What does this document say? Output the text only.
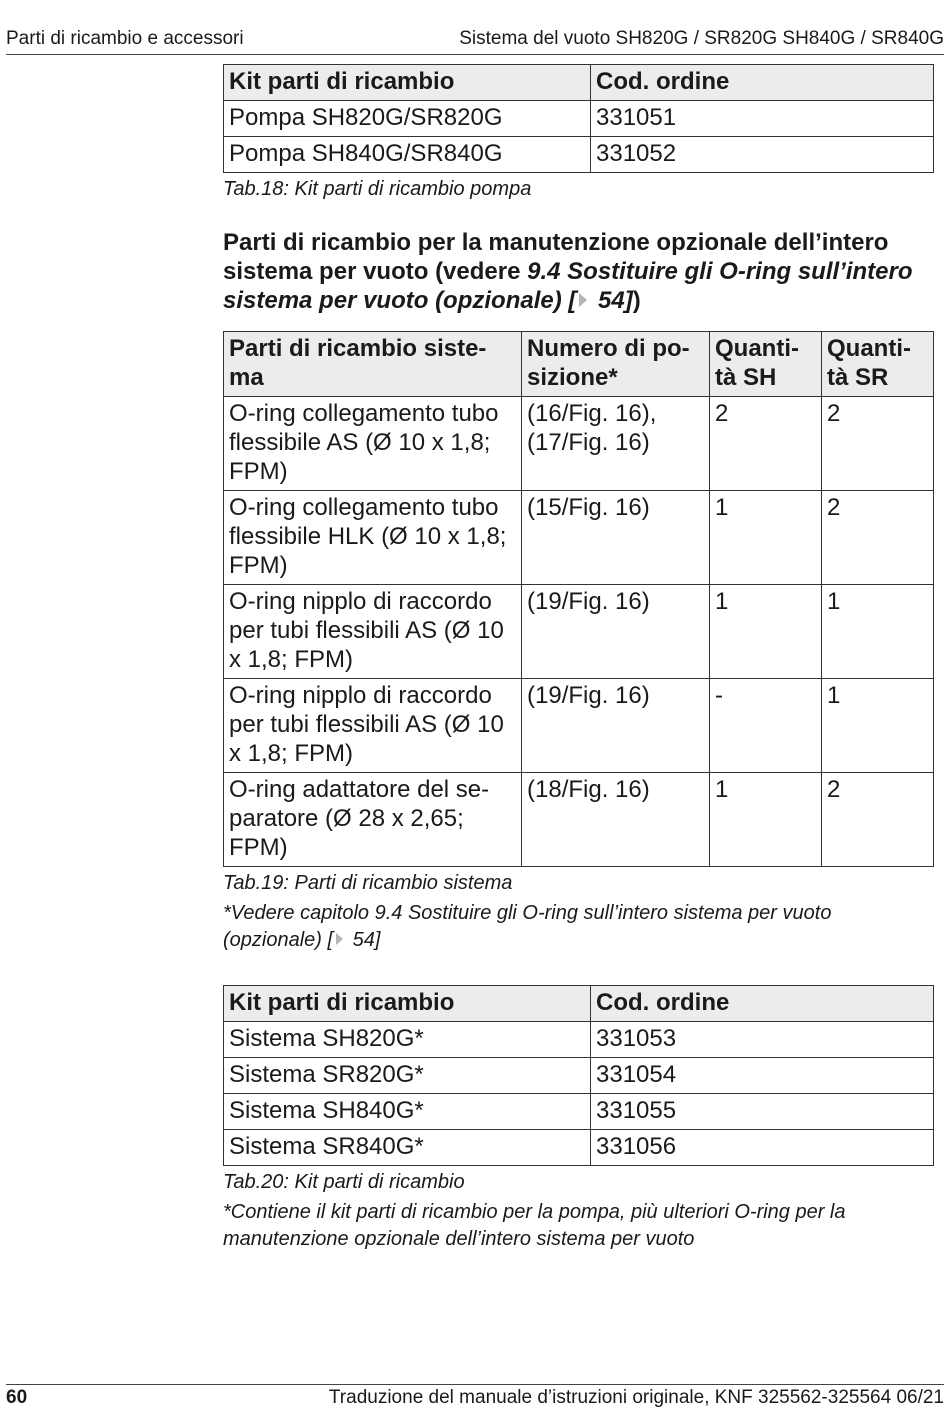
Parti di ricambio e accessori	Sistema del vuoto SH820G / SR820G SH840G / SR840G
Kit parti di ricambio	Cod. ordine
Pompa SH820G/SR820G	331051
Pompa SH840G/SR840G	331052
Tab.18: Kit parti di ricambio pompa
Parti di ricambio per la manutenzione opzionale dell’intero sistema per vuoto (vedere 9.4 Sostituire gli O-ring sull’intero sistema per vuoto (opzionale) [ 54])
Parti di ricambio siste-ma	Numero di po-sizione*	Quanti-tà SH	Quanti-tà SR
O-ring collegamento tubo flessibile AS (Ø 10 x 1,8; FPM)	(16/Fig. 16), (17/Fig. 16)	2	2
O-ring collegamento tubo flessibile HLK (Ø 10 x 1,8; FPM)	(15/Fig. 16)	1	2
O-ring nipplo di raccordo per tubi flessibili AS (Ø 10 x 1,8; FPM)	(19/Fig. 16)	1	1
O-ring nipplo di raccordo per tubi flessibili AS (Ø 10 x 1,8; FPM)	(19/Fig. 16)	-	1
O-ring adattatore del se-paratore (Ø 28 x 2,65; FPM)	(18/Fig. 16)	1	2
Tab.19: Parti di ricambio sistema
*Vedere capitolo 9.4 Sostituire gli O-ring sull’intero sistema per vuoto (opzionale) [ 54]
Kit parti di ricambio	Cod. ordine
Sistema SH820G*	331053
Sistema SR820G*	331054
Sistema SH840G*	331055
Sistema SR840G*	331056
Tab.20: Kit parti di ricambio
*Contiene il kit parti di ricambio per la pompa, più ulteriori O-ring per la manutenzione opzionale dell’intero sistema per vuoto
60	Traduzione del manuale d’istruzioni originale, KNF 325562-325564 06/21
